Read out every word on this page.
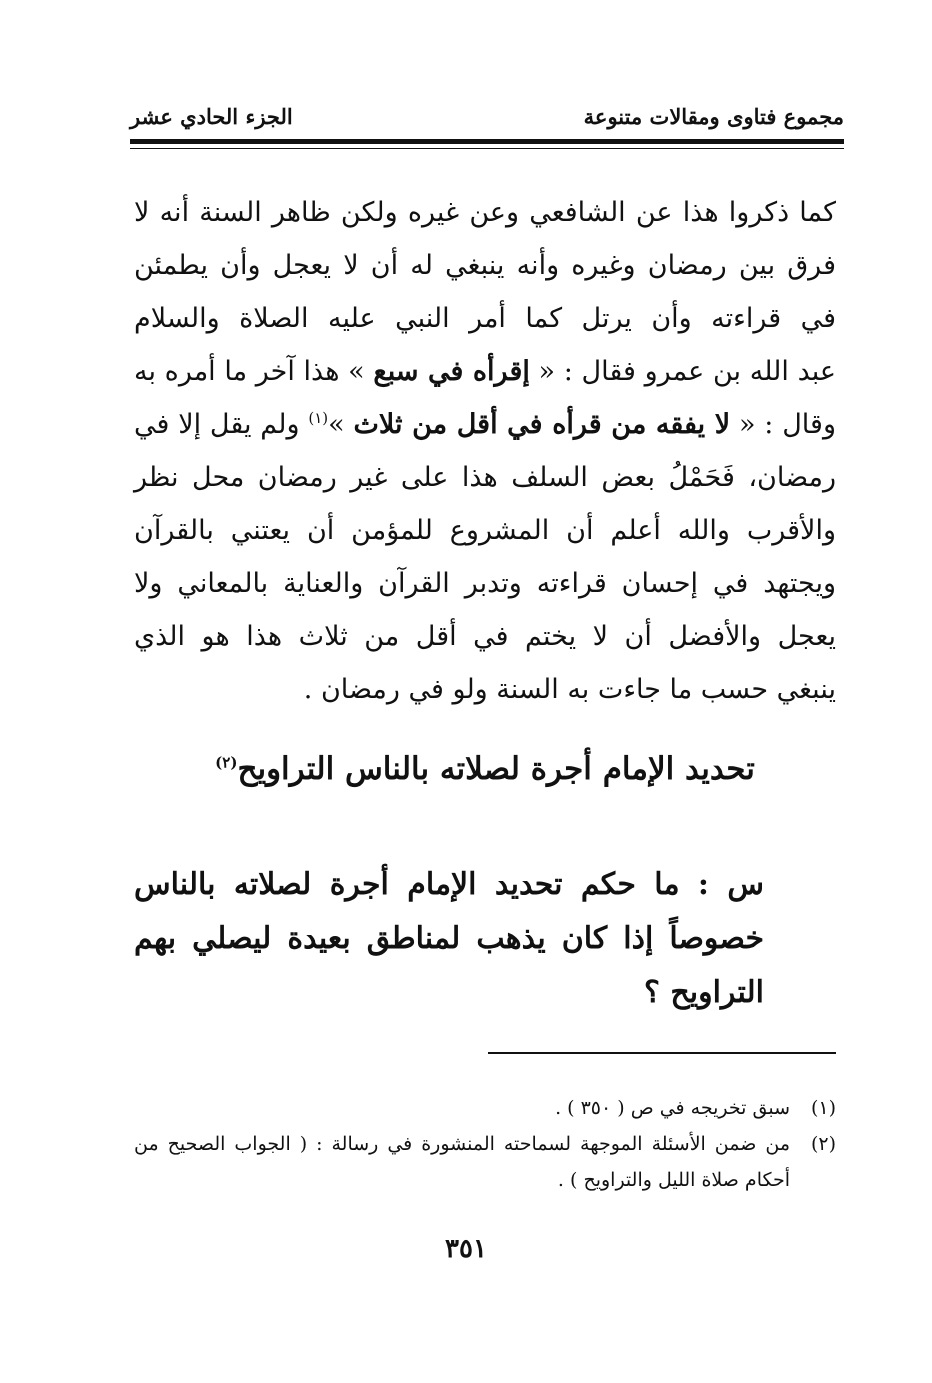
مجموع فتاوى ومقالات متنوعة
الجزء الحادي عشر
كما ذكروا هذا عن الشافعي وعن غيره ولكن ظاهر السنة أنه لا
فرق بين رمضان وغيره وأنه ينبغي له أن لا يعجل وأن يطمئن
في قراءته وأن يرتل كما أمر النبي عليه الصلاة والسلام
عبد الله بن عمرو فقال : « إقرأه في سبع » هذا آخر ما أمره به
وقال : « لا يفقه من قرأه في أقل من ثلاث »$^{(١)}$ ولم يقل إلا في
رمضان، فَحَمْلُ بعض السلف هذا على غير رمضان محل نظر
والأقرب والله أعلم أن المشروع للمؤمن أن يعتني بالقرآن
ويجتهد في إحسان قراءته وتدبر القرآن والعناية بالمعاني ولا
يعجل والأفضل أن لا يختم في أقل من ثلاث هذا هو الذي
ينبغي حسب ما جاءت به السنة ولو في رمضان .
تحديد الإمام أجرة لصلاته بالناس التراويح$^{(٢)}$
س : ما حكم تحديد الإمام أجرة لصلاته بالناس
خصوصاً إذا كان يذهب لمناطق بعيدة ليصلي بهم
التراويح ؟
(١)
سبق تخريجه في ص ( ٣٥٠ ) .
(٢)
من ضمن الأسئلة الموجهة لسماحته المنشورة في رسالة : ( الجواب الصحيح من أحكام صلاة الليل والتراويح ) .
٣٥١
